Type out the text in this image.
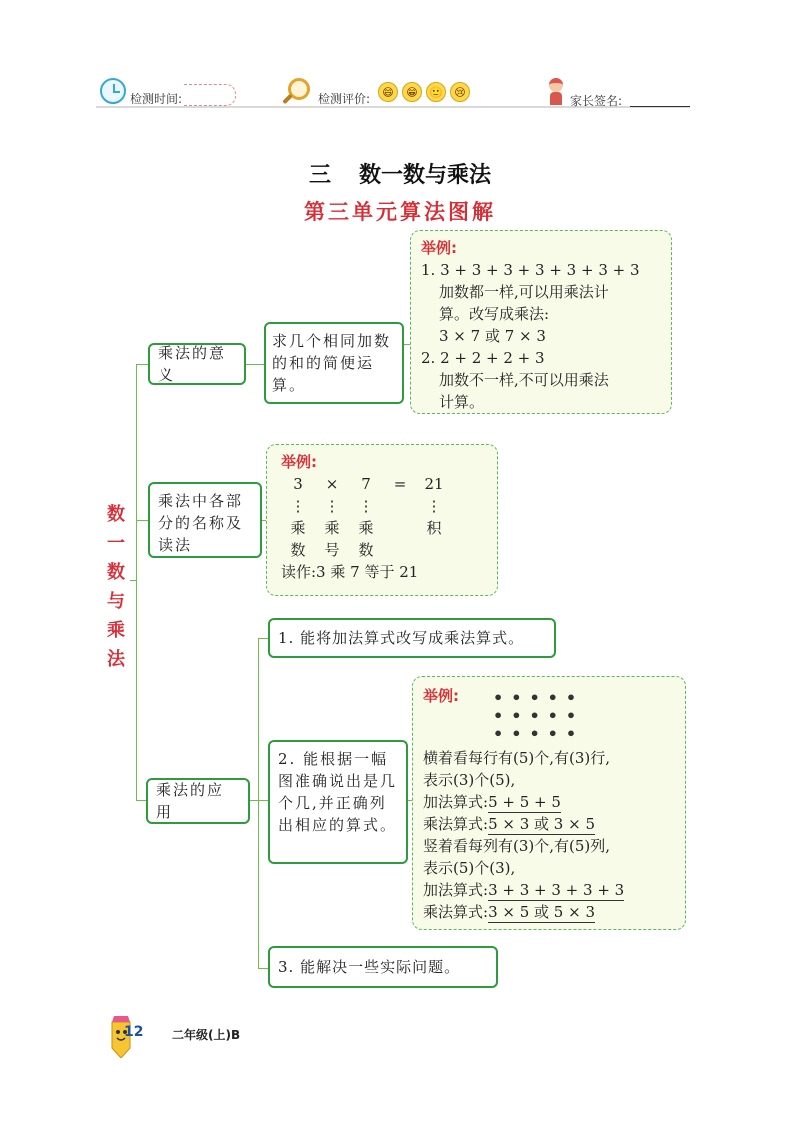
检测时间:	检测评价:	😄	😁	🙂	😢
家长签名:
三 数一数与乘法
第三单元算法图解
数
一
数
与
乘
法
乘法的意义
求几个相同加数的和的简便运算。
举例:
1. 3 + 3 + 3 + 3 + 3 + 3 + 3
加数都一样,可以用乘法计
算。改写成乘法:
3 × 7 或 7 × 3
2. 2 + 2 + 2 + 3
加数不一样,不可以用乘法
计算。
乘法中各部分的名称及读法
举例:
3	×	7	=	21
⋮	⋮	⋮	⋮
乘	乘	乘	积
数	号	数
读作:3 乘 7 等于 21
乘法的应用
1. 能将加法算式改写成乘法算式。
2. 能根据一幅图准确说出是几个几,并正确列出相应的算式。
3. 能解决一些实际问题。
举例:	•••••
•••••
•••••
横着看每行有(5)个,有(3)行,
表示(3)个(5),
加法算式:5 + 5 + 5
乘法算式:5 × 3 或 3 × 5
竖着看每列有(3)个,有(5)列,
表示(5)个(3),
加法算式:3 + 3 + 3 + 3 + 3
乘法算式:3 × 5 或 5 × 3
12 二年级(上)B
